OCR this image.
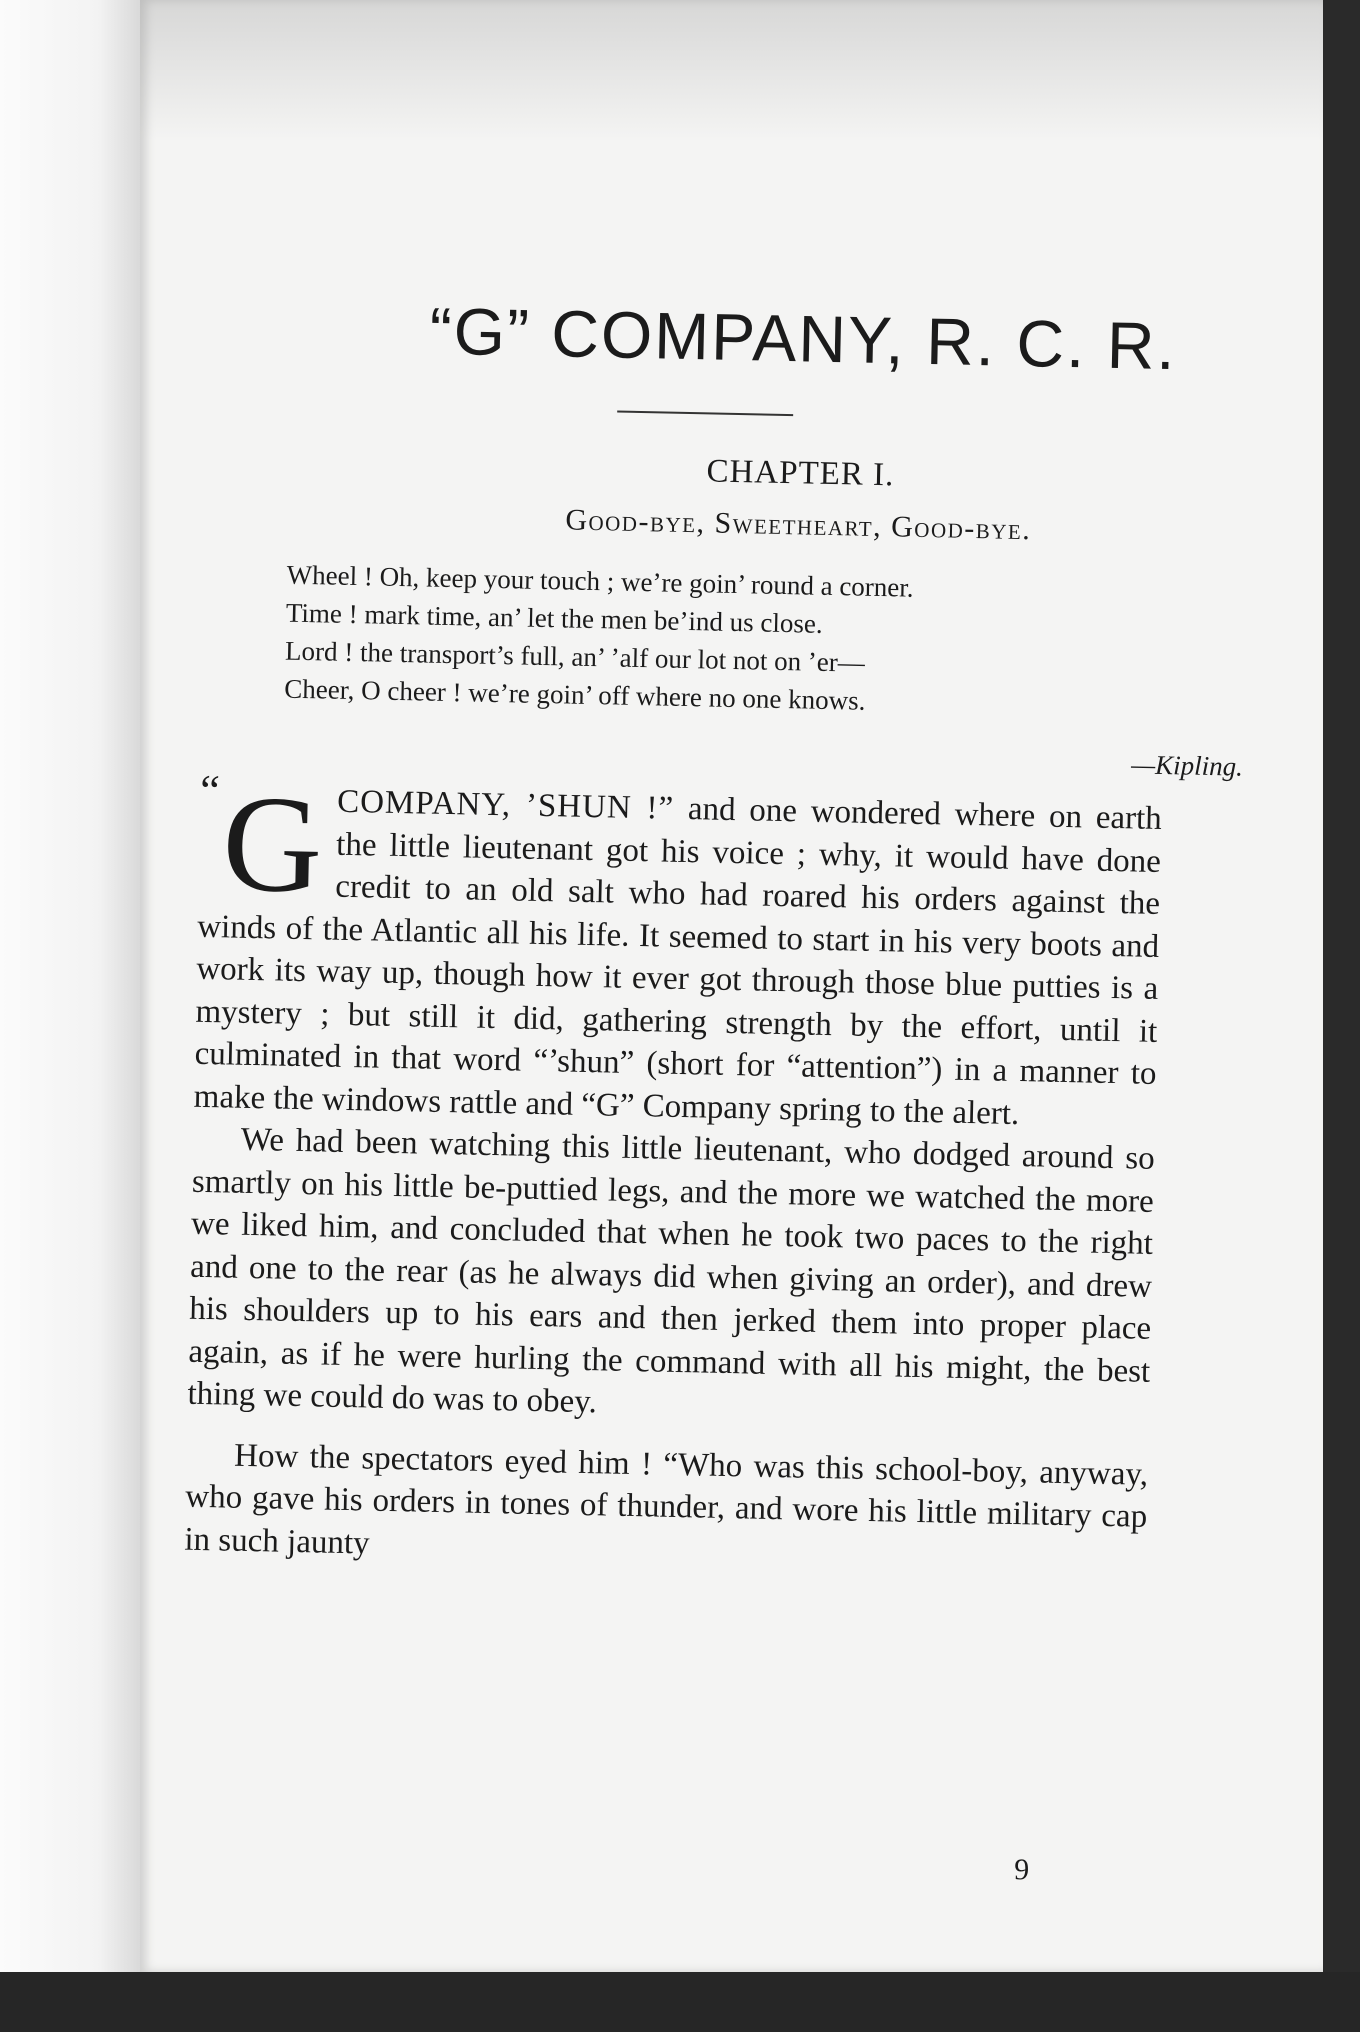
“G” COMPANY, R. C. R.
CHAPTER I.
Good-bye, Sweetheart, Good-bye.
Wheel ! Oh, keep your touch ; we’re goin’ round a corner.
Time ! mark time, an’ let the men be’ind us close.
Lord ! the transport’s full, an’ ’alf our lot not on ’er—
Cheer, O cheer ! we’re goin’ off where no one knows.
—Kipling.

“ G COMPANY, ’SHUN !” and one wondered where on earth the little lieutenant got his voice ; why, it would have done credit to an old salt who had roared his orders against the winds of the Atlantic all his life. It seemed to start in his very boots and work its way up, though how it ever got through those blue putties is a mystery ; but still it did, gathering strength by the effort, until it culminated in that word “’shun” (short for “attention”) in a manner to make the windows rattle and “G” Company spring to the alert.

We had been watching this little lieutenant, who dodged around so smartly on his little be-puttied legs, and the more we watched the more we liked him, and concluded that when he took two paces to the right and one to the rear (as he always did when giving an order), and drew his shoulders up to his ears and then jerked them into proper place again, as if he were hurling the command with all his might, the best thing we could do was to obey.

How the spectators eyed him ! “Who was this school-boy, anyway, who gave his orders in tones of thunder, and wore his little military cap in such jaunty

9
